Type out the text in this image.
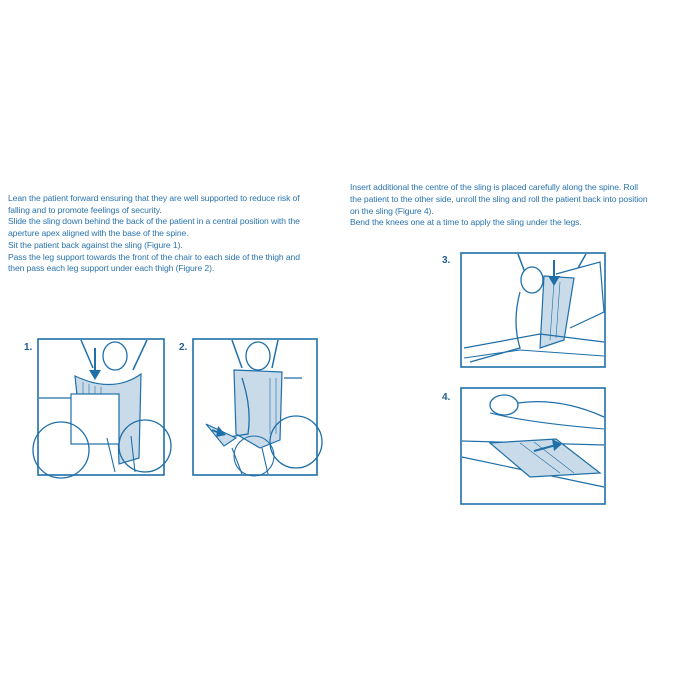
Lean the patient forward ensuring that they are well supported to reduce risk of
falling and to promote feelings of security.
Slide the sling down behind the back of the patient in a central position with the
aperture apex aligned with the base of the spine.
Sit the patient back against the sling (Figure 1).
Pass the leg support towards the front of the chair to each side of the thigh and
then pass each leg support under each thigh (Figure 2).
Insert additional the centre of the sling is placed carefully along the spine. Roll
the patient to the other side, unroll the sling and roll the patient back into position
on the sling (Figure 4).
Bend the knees one at a time to apply the sling under the legs.
1.	2.
3.
4.
